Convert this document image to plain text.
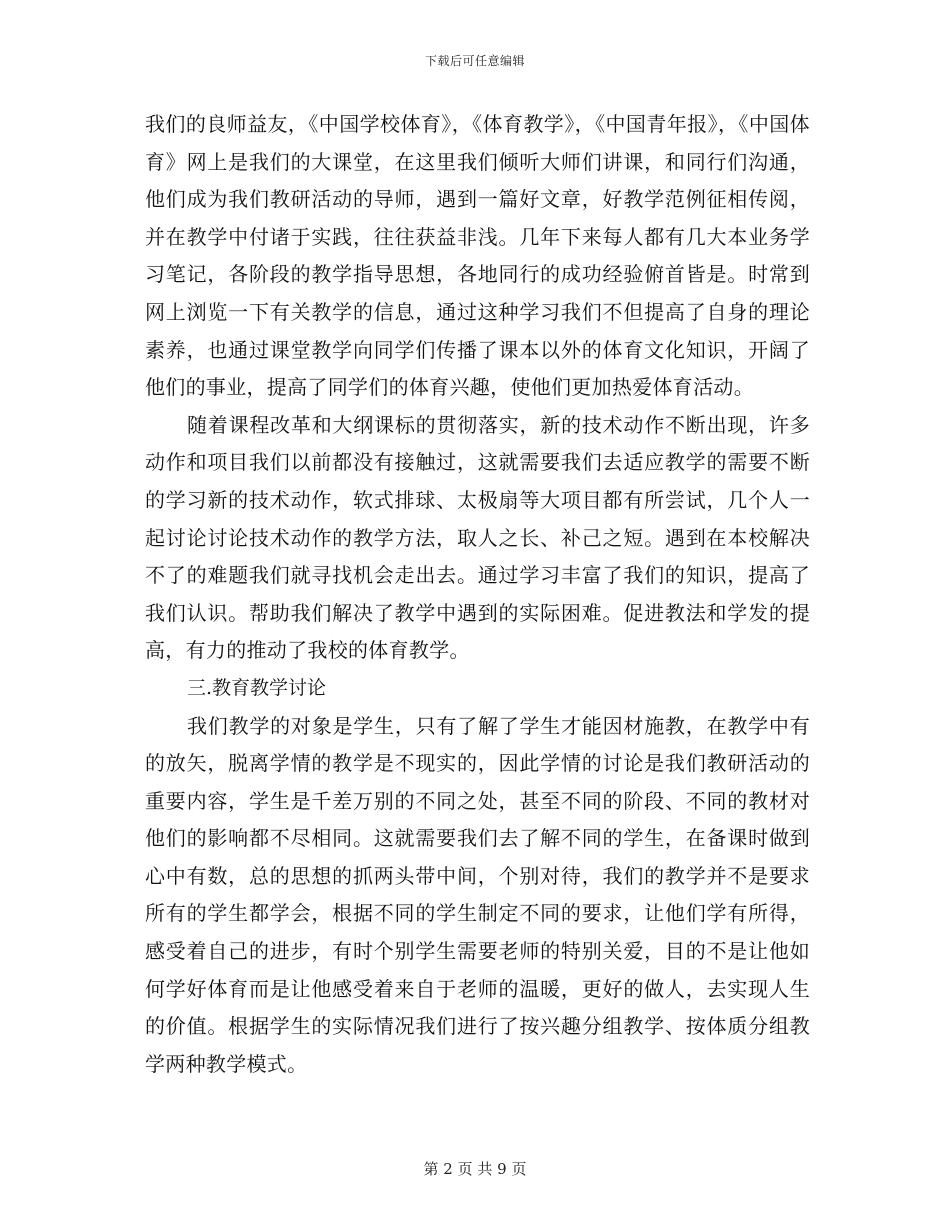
下载后可任意编辑

我们的良师益友，《中国学校体育》，《体育教学》，《中国青年报》，《中国体育》网上是我们的大课堂，在这里我们倾听大师们讲课，和同行们沟通，他们成为我们教研活动的导师，遇到一篇好文章，好教学范例征相传阅，并在教学中付诸于实践，往往获益非浅。几年下来每人都有几大本业务学习笔记，各阶段的教学指导思想，各地同行的成功经验俯首皆是。时常到网上浏览一下有关教学的信息，通过这种学习我们不但提高了自身的理论素养，也通过课堂教学向同学们传播了课本以外的体育文化知识，开阔了他们的事业，提高了同学们的体育兴趣，使他们更加热爱体育活动。

随着课程改革和大纲课标的贯彻落实，新的技术动作不断出现，许多动作和项目我们以前都没有接触过，这就需要我们去适应教学的需要不断的学习新的技术动作，软式排球、太极扇等大项目都有所尝试，几个人一起讨论讨论技术动作的教学方法，取人之长、补己之短。遇到在本校解决不了的难题我们就寻找机会走出去。通过学习丰富了我们的知识，提高了我们认识。帮助我们解决了教学中遇到的实际困难。促进教法和学发的提高，有力的推动了我校的体育教学。

三.教育教学讨论

我们教学的对象是学生，只有了解了学生才能因材施教，在教学中有的放矢，脱离学情的教学是不现实的，因此学情的讨论是我们教研活动的重要内容，学生是千差万别的不同之处，甚至不同的阶段、不同的教材对他们的影响都不尽相同。这就需要我们去了解不同的学生，在备课时做到心中有数，总的思想的抓两头带中间，个别对待，我们的教学并不是要求所有的学生都学会，根据不同的学生制定不同的要求，让他们学有所得，感受着自己的进步，有时个别学生需要老师的特别关爱，目的不是让他如何学好体育而是让他感受着来自于老师的温暖，更好的做人，去实现人生的价值。根据学生的实际情况我们进行了按兴趣分组教学、按体质分组教学两种教学模式。

第 2 页 共 9 页
